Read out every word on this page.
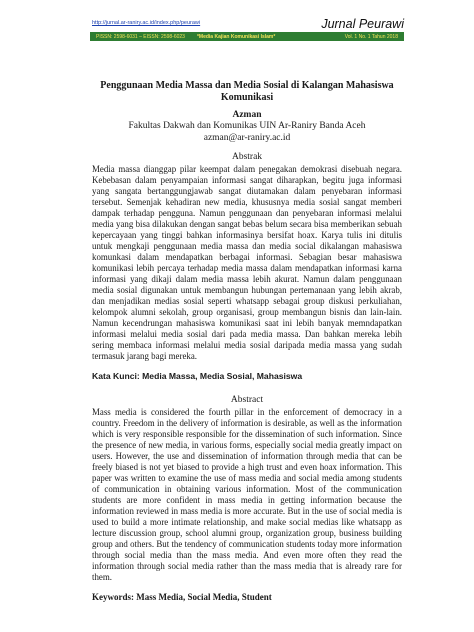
http://jurnal.ar-raniry.ac.id/index.php/peurawi	Jurnal Peurawi
PISSN: 2598-6031 – EISSN: 2598-6023 *Media Kajian Komunikasi Islam*	Vol. 1 No. 1 Tahun 2018
Penggunaan Media Massa dan Media Sosial di Kalangan Mahasiswa Komunikasi
Azman
Fakultas Dakwah dan Komunikas UIN Ar-Raniry Banda Aceh
azman@ar-raniry.ac.id
Abstrak

Media massa dianggap pilar keempat dalam penegakan demokrasi disebuah negara. Kebebasan dalam penyampaian informasi sangat diharapkan, begitu juga informasi yang sangata bertanggungjawab sangat diutamakan dalam penyebaran informasi tersebut. Semenjak kehadiran new media, khususnya media sosial sangat memberi dampak terhadap pengguna. Namun penggunaan dan penyebaran informasi melalui media yang bisa dilakukan dengan sangat bebas belum secara bisa memberikan sebuah kepercayaan yang tinggi bahkan informasinya bersifat hoax. Karya tulis ini ditulis untuk mengkaji penggunaan media massa dan media social dikalangan mahasiswa komunkasi dalam mendapatkan berbagai informasi. Sebagian besar mahasiswa komunikasi lebih percaya terhadap media massa dalam mendapatkan informasi karna informasi yang dikaji dalam media massa lebih akurat. Namun dalam penggunaan media sosial digunakan untuk membangun hubungan pertemanaan yang lebih akrab, dan menjadikan medias sosial seperti whatsapp sebagai group diskusi perkuliahan, kelompok alumni sekolah, group organisasi, group membangun bisnis dan lain-lain. Namun kecendrungan mahasiswa komunikasi saat ini lebih banyak memndapatkan informasi melalui media sosial dari pada media massa. Dan bahkan mereka lebih sering membaca informasi melalui media sosial daripada media massa yang sudah termasuk jarang bagi mereka.

Kata Kunci: Media Massa, Media Sosial, Mahasiswa
Abstract

Mass media is considered the fourth pillar in the enforcement of democracy in a country. Freedom in the delivery of information is desirable, as well as the information which is very responsible responsible for the dissemination of such information. Since the presence of new media, in various forms, especially social media greatly impact on users. However, the use and dissemination of information through media that can be freely biased is not yet biased to provide a high trust and even hoax information. This paper was written to examine the use of mass media and social media among students of communication in obtaining various information. Most of the communication students are more confident in mass media in getting information because the information reviewed in mass media is more accurate. But in the use of social media is used to build a more intimate relationship, and make social medias like whatsapp as lecture discussion group, school alumni group, organization group, business building group and others. But the tendency of communication students today more information through social media than the mass media. And even more often they read the information through social media rather than the mass media that is already rare for them.

Keywords: Mass Media, Social Media, Student
